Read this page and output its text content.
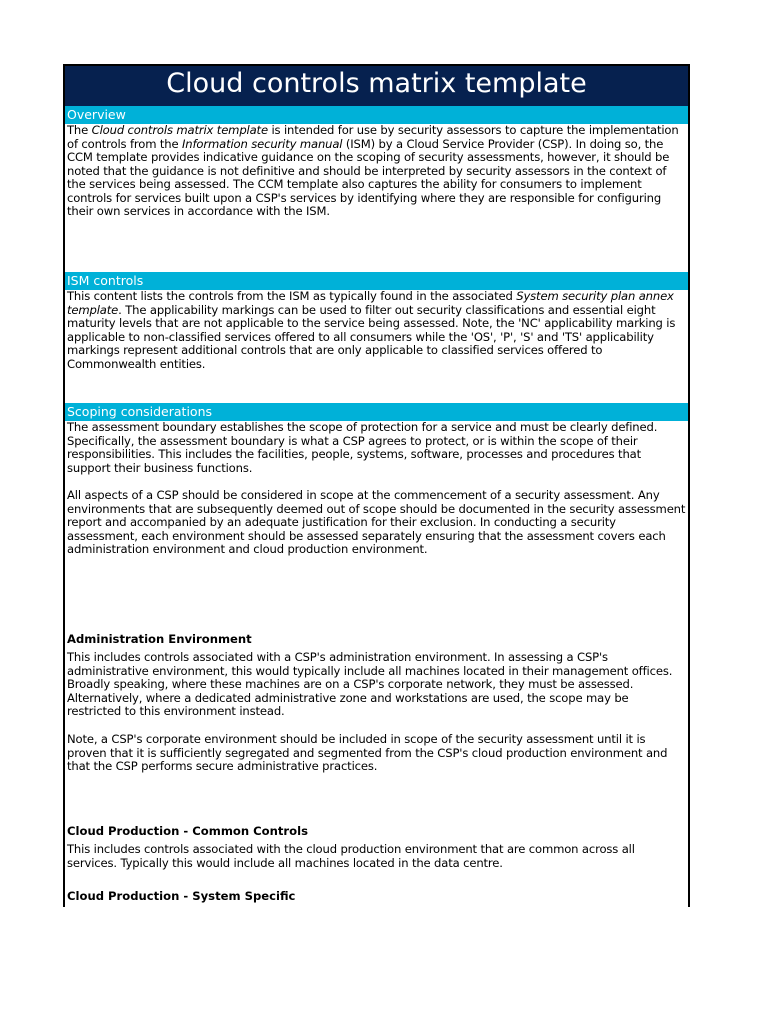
Cloud controls matrix template
Overview

The Cloud controls matrix template is intended for use by security assessors to capture the implementation of controls from the Information security manual (ISM) by a Cloud Service Provider (CSP). In doing so, the CCM template provides indicative guidance on the scoping of security assessments, however, it should be noted that the guidance is not definitive and should be interpreted by security assessors in the context of the services being assessed. The CCM template also captures the ability for consumers to implement controls for services built upon a CSP's services by identifying where they are responsible for configuring their own services in accordance with the ISM.

ISM controls

This content lists the controls from the ISM as typically found in the associated System security plan annex template. The applicability markings can be used to filter out security classifications and essential eight maturity levels that are not applicable to the service being assessed. Note, the 'NC' applicability marking is applicable to non-classified services offered to all consumers while the 'OS', 'P', 'S' and 'TS' applicability markings represent additional controls that are only applicable to classified services offered to Commonwealth entities.

Scoping considerations

The assessment boundary establishes the scope of protection for a service and must be clearly defined. Specifically, the assessment boundary is what a CSP agrees to protect, or is within the scope of their responsibilities. This includes the facilities, people, systems, software, processes and procedures that support their business functions.

All aspects of a CSP should be considered in scope at the commencement of a security assessment. Any environments that are subsequently deemed out of scope should be documented in the security assessment report and accompanied by an adequate justification for their exclusion. In conducting a security assessment, each environment should be assessed separately ensuring that the assessment covers each administration environment and cloud production environment.

Administration Environment

This includes controls associated with a CSP's administration environment. In assessing a CSP's administrative environment, this would typically include all machines located in their management offices. Broadly speaking, where these machines are on a CSP's corporate network, they must be assessed. Alternatively, where a dedicated administrative zone and workstations are used, the scope may be restricted to this environment instead.

Note, a CSP's corporate environment should be included in scope of the security assessment until it is proven that it is sufficiently segregated and segmented from the CSP's cloud production environment and that the CSP performs secure administrative practices.

Cloud Production - Common Controls

This includes controls associated with the cloud production environment that are common across all services. Typically this would include all machines located in the data centre.

Cloud Production - System Specific
